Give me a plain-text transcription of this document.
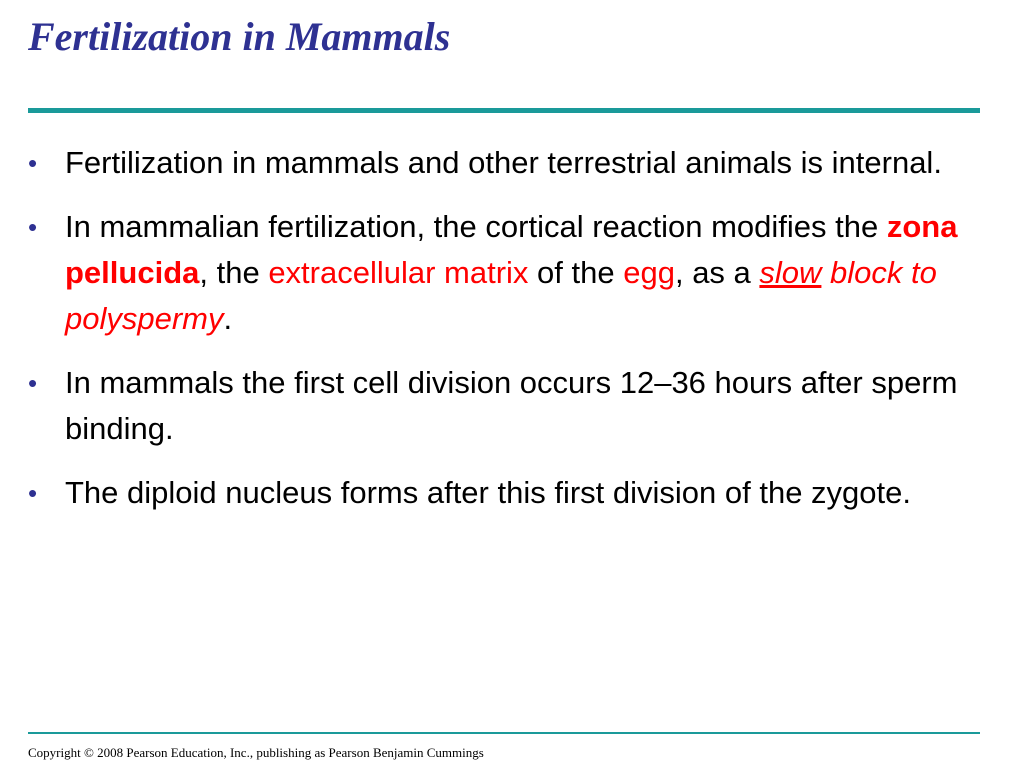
Fertilization in Mammals
• Fertilization in mammals and other terrestrial animals is internal.
• In mammalian fertilization, the cortical reaction modifies the zona pellucida, the extracellular matrix of the egg, as a slow block to polyspermy.
• In mammals the first cell division occurs 12–36 hours after sperm binding.
• The diploid nucleus forms after this first division of the zygote.

Copyright © 2008 Pearson Education, Inc., publishing as Pearson Benjamin Cummings
